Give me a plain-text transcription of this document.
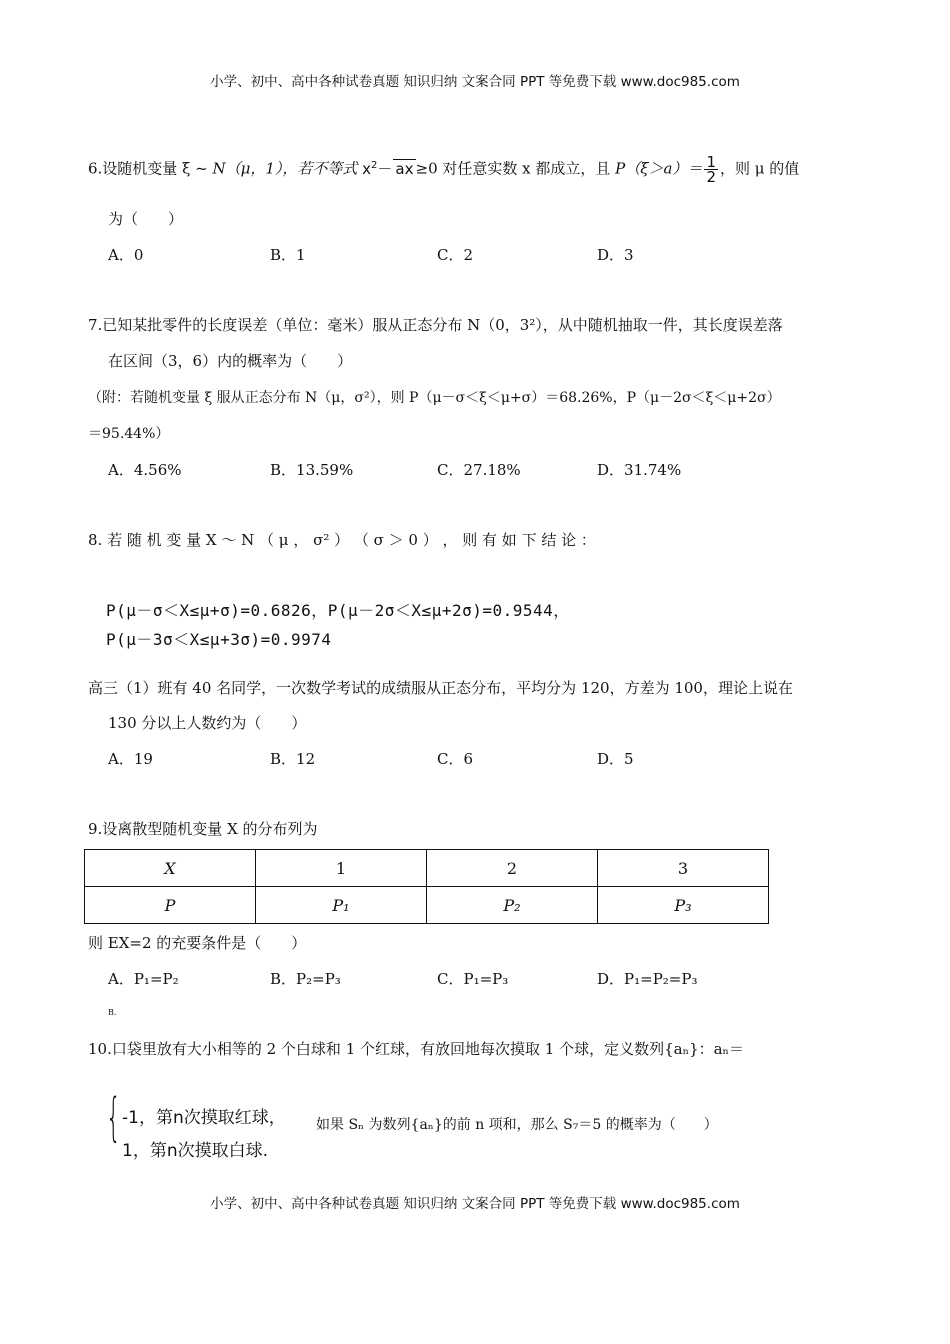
小学、初中、高中各种试卷真题 知识归纳 文案合同 PPT 等免费下载 www.doc985.com
6.设随机变量 ξ ~ N（μ，1），若不等式 $x^2-$ ax ≥0 对任意实数 x 都成立，且 $P(\xi>a)= \frac{1}{2}$ ，则 μ 的值
为（　　）
A．0	B．1	C．2	D．3
7.已知某批零件的长度误差（单位：毫米）服从正态分布 N（0，3²），从中随机抽取一件，其长度误差落
在区间（3，6）内的概率为（　　）
（附：若随机变量 ξ 服从正态分布 N（μ，σ²），则 P（μ－σ＜ξ＜μ+σ）＝68.26%，P（μ－2σ＜ξ＜μ+2σ）
＝95.44%）
A．4.56%	B．13.59%	C．27.18%	D．31.74%
8. 若 随 机 变 量 X ～ N （ μ ， σ² ） （ σ ＞ 0 ） ， 则 有 如 下 结 论 ：
P(μ－σ＜X≤μ+σ)=0.6826，P(μ－2σ＜X≤μ+2σ)=0.9544，
P(μ－3σ＜X≤μ+3σ)=0.9974
高三（1）班有 40 名同学，一次数学考试的成绩服从正态分布，平均分为 120，方差为 100，理论上说在
130 分以上人数约为（　　）
A．19	B．12	C．6	D．5
9.设离散型随机变量 X 的分布列为
X	1	2	3
P	P₁	P₂	P₃
则 EX=2 的充要条件是（　　）
A．P₁=P₂	B．P₂=P₃	C．P₁=P₃	D．P₁=P₂=P₃
B.
10.口袋里放有大小相等的 2 个白球和 1 个红球，有放回地每次摸取 1 个球，定义数列{aₙ}：aₙ＝
{ -1，第n次摸取红球，
1，第n次摸取白球.
如果 Sₙ 为数列{aₙ}的前 n 项和，那么 S₇＝5 的概率为（　　）
小学、初中、高中各种试卷真题 知识归纳 文案合同 PPT 等免费下载 www.doc985.com
